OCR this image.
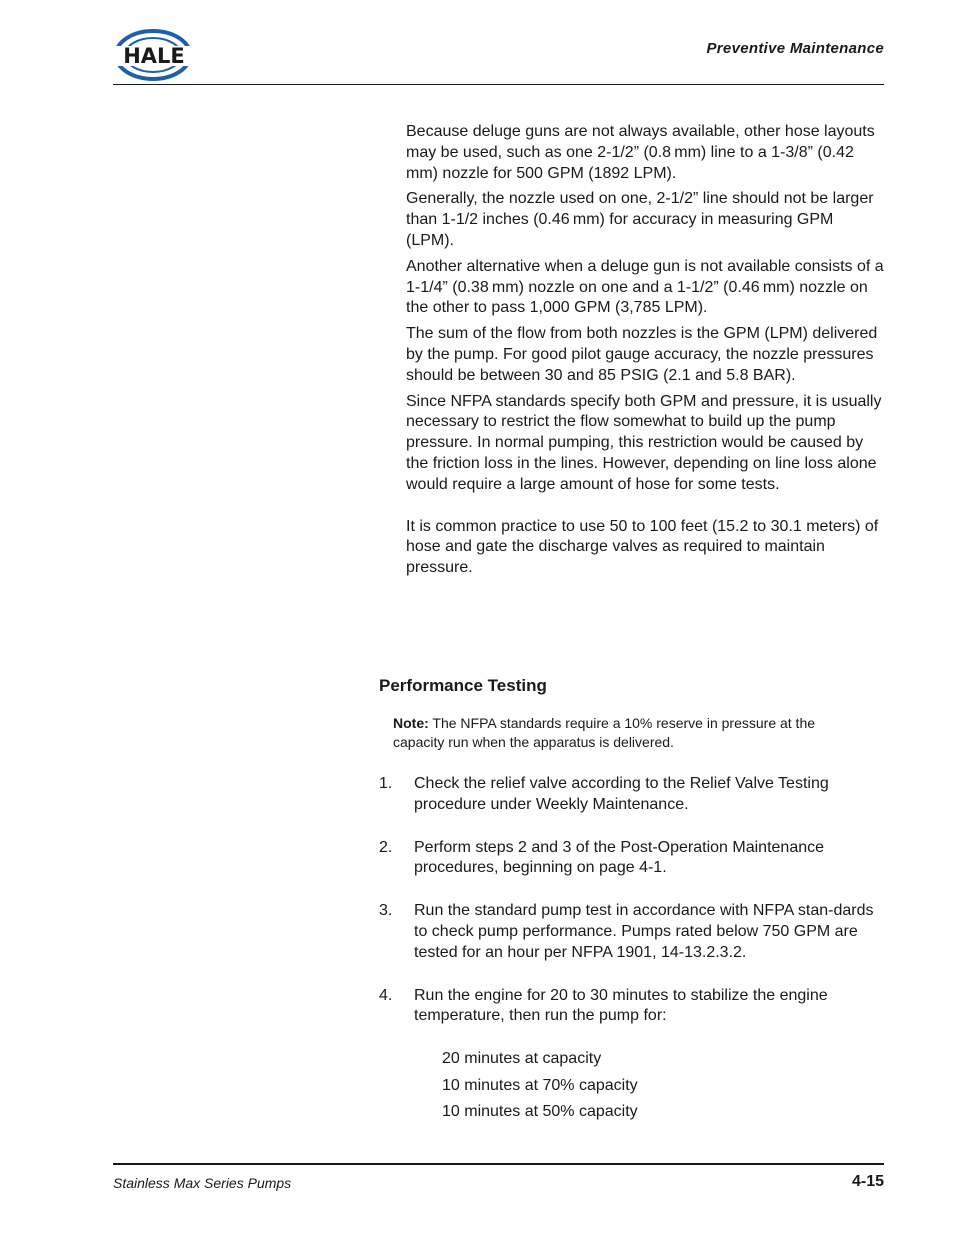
HALE	Preventive Maintenance

Because deluge guns are not always available, other hose layouts may be used, such as one 2-1/2” (0.8 mm) line to a 1-3/8” (0.42 mm) nozzle for 500 GPM (1892 LPM).

Generally, the nozzle used on one, 2-1/2” line should not be larger than 1-1/2 inches (0.46 mm) for accuracy in measuring GPM (LPM).

Another alternative when a deluge gun is not available consists of a 1-1/4” (0.38 mm) nozzle on one and a 1-1/2” (0.46 mm) nozzle on the other to pass 1,000 GPM (3,785 LPM).

The sum of the flow from both nozzles is the GPM (LPM) delivered by the pump. For good pilot gauge accuracy, the nozzle pressures should be between 30 and 85 PSIG (2.1 and 5.8 BAR).

Since NFPA standards specify both GPM and pressure, it is usually necessary to restrict the flow somewhat to build up the pump pressure. In normal pumping, this restriction would be caused by the friction loss in the lines. However, depending on line loss alone would require a large amount of hose for some tests.

It is common practice to use 50 to 100 feet (15.2 to 30.1 meters) of hose and gate the discharge valves as required to maintain pressure.

Performance Testing

Note: The NFPA standards require a 10% reserve in pressure at the capacity run when the apparatus is delivered.

1. Check the relief valve according to the Relief Valve Testing procedure under Weekly Maintenance.
2. Perform steps 2 and 3 of the Post-Operation Maintenance procedures, beginning on page 4-1.
3. Run the standard pump test in accordance with NFPA stan-dards to check pump performance. Pumps rated below 750 GPM are tested for an hour per NFPA 1901, 14-13.2.3.2.
4. Run the engine for 20 to 30 minutes to stabilize the engine temperature, then run the pump for:
20 minutes at capacity
10 minutes at 70% capacity
10 minutes at 50% capacity
Stainless Max Series Pumps	4-15
